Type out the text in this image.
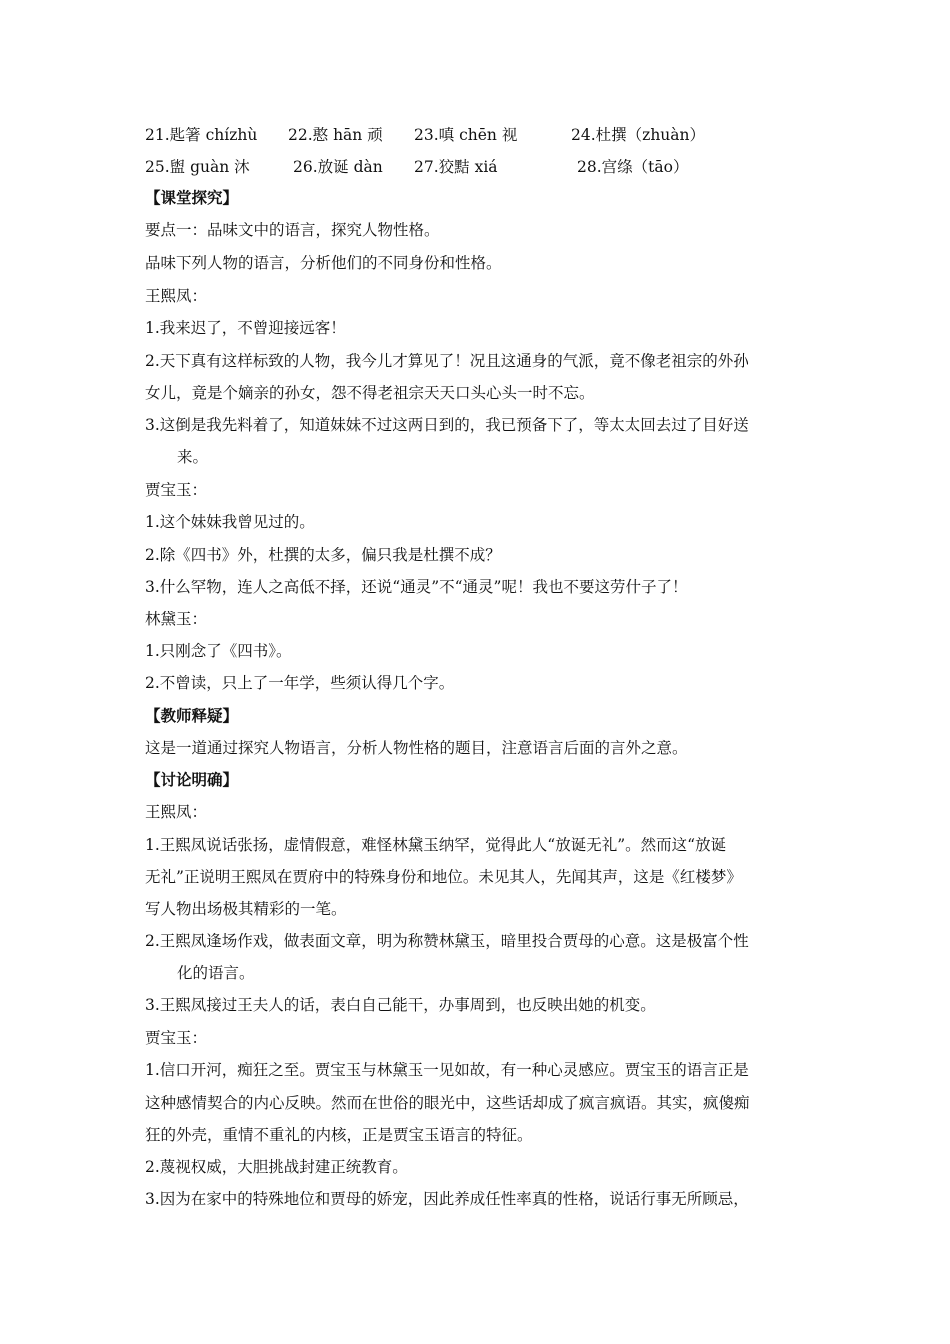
21.匙箸 chízhù 22.憨 hān 顽 23.嗔 chēn 视	24.杜撰（zhuàn）
25.盥 guàn 沐	26.放诞 dàn 27.狡黠 xiá	28.宫绦（tāo）
【课堂探究】
要点一：品味文中的语言，探究人物性格。
品味下列人物的语言，分析他们的不同身份和性格。
王熙凤：
1.我来迟了，不曾迎接远客！
2.天下真有这样标致的人物，我今儿才算见了！况且这通身的气派，竟不像老祖宗的外孙
女儿，竟是个嫡亲的孙女，怨不得老祖宗天天口头心头一时不忘。
3.这倒是我先料着了，知道妹妹不过这两日到的，我已预备下了，等太太回去过了目好送
来。
贾宝玉：
1.这个妹妹我曾见过的。
2.除《四书》外，杜撰的太多，偏只我是杜撰不成？
3.什么罕物，连人之高低不择，还说“通灵”不“通灵”呢！我也不要这劳什子了！
林黛玉：
1.只刚念了《四书》。
2.不曾读，只上了一年学，些须认得几个字。
【教师释疑】
这是一道通过探究人物语言，分析人物性格的题目，注意语言后面的言外之意。
【讨论明确】
王熙凤：
1.王熙凤说话张扬，虚情假意，难怪林黛玉纳罕，觉得此人“放诞无礼”。然而这“放诞
无礼”正说明王熙凤在贾府中的特殊身份和地位。未见其人，先闻其声，这是《红楼梦》
写人物出场极其精彩的一笔。
2.王熙凤逢场作戏，做表面文章，明为称赞林黛玉，暗里投合贾母的心意。这是极富个性
化的语言。
3.王熙凤接过王夫人的话，表白自己能干，办事周到，也反映出她的机变。
贾宝玉：
1.信口开河，痴狂之至。贾宝玉与林黛玉一见如故，有一种心灵感应。贾宝玉的语言正是
这种感情契合的内心反映。然而在世俗的眼光中，这些话却成了疯言疯语。其实，疯傻痴
狂的外壳，重情不重礼的内核，正是贾宝玉语言的特征。
2.蔑视权威，大胆挑战封建正统教育。
3.因为在家中的特殊地位和贾母的娇宠，因此养成任性率真的性格，说话行事无所顾忌，
